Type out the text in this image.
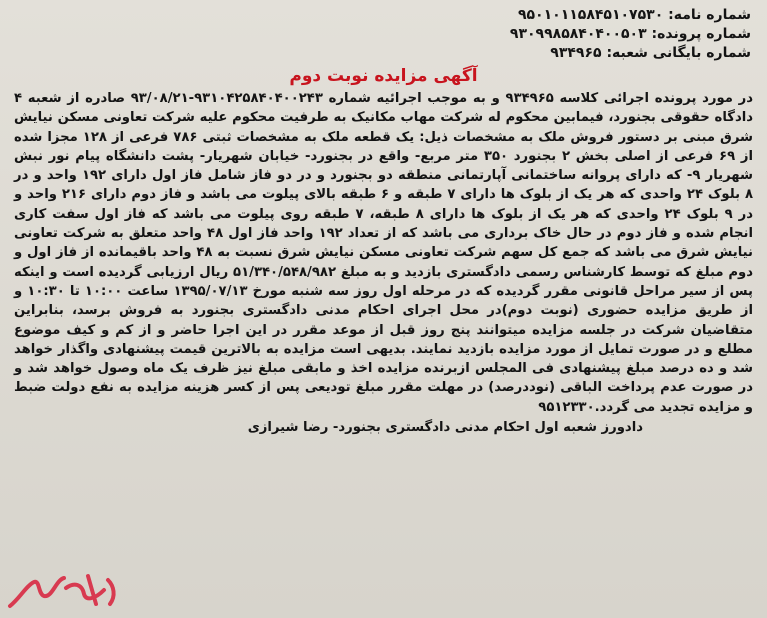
شماره نامه: ۹۵۰۱۰۱۱۵۸۴۵۱۰۷۵۳۰
شماره پرونده: ۹۳۰۹۹۸۵۸۴۰۴۰۰۵۰۳
شماره بایگانی شعبه: ۹۳۴۹۶۵
آگهی مزایده نوبت دوم
در مورد پرونده اجرائی کلاسه ۹۳۴۹۶۵ و به موجب اجرائیه شماره ۹۳۱۰۴۲۵۸۴۰۴۰۰۲۴۳-۹۳/۰۸/۲۱ صادره از شعبه ۴ دادگاه حقوقی بجنورد، فیمابین محکوم له شرکت مهاب مکانیک به طرفیت محکوم علیه شرکت تعاونی مسکن نیایش شرق مبنی بر دستور فروش ملک به مشخصات ذیل: یک قطعه ملک به مشخصات ثبتی ۷۸۶ فرعی از ۱۲۸ مجزا شده از ۶۹ فرعی از اصلی بخش ۲ بجنورد ۳۵۰ متر مربع- واقع در بجنورد- خیابان شهریار- پشت دانشگاه پیام نور نبش شهریار ۹- که دارای پروانه ساختمانی آپارتمانی منطقه دو بجنورد و در دو فاز شامل فاز اول دارای ۱۹۲ واحد و در ۸ بلوک ۲۴ واحدی که هر یک از بلوک ها دارای ۷ طبقه و ۶ طبقه بالای پیلوت می باشد و فاز دوم دارای ۲۱۶ واحد و در ۹ بلوک ۲۴ واحدی که هر یک از بلوک ها دارای ۸ طبقه، ۷ طبقه روی پیلوت می باشد که فاز اول سفت کاری انجام شده و فاز دوم در حال خاک برداری می باشد که از تعداد ۱۹۲ واحد فاز اول ۴۸ واحد متعلق به شرکت تعاونی نیایش شرق می باشد که جمع کل سهم شرکت تعاونی مسکن نیایش شرق نسبت به ۴۸ واحد باقیمانده از فاز اول و دوم مبلغ که توسط کارشناس رسمی دادگستری بازدید و به مبلغ ۵۱/۳۴۰/۵۴۸/۹۸۲ ریال ارزیابی گردیده است و اینکه پس از سیر مراحل قانونی مقرر گردیده که در مرحله اول روز سه شنبه مورخ ۱۳۹۵/۰۷/۱۳ ساعت ۱۰:۰۰ تا ۱۰:۳۰ و از طریق مزایده حضوری (نوبت دوم)در محل اجرای احکام مدنی دادگستری بجنورد به فروش برسد، بنابراین متقاضیان شرکت در جلسه مزایده میتوانند پنج روز قبل از موعد مقرر در این اجرا حاضر و از کم و کیف موضوع مطلع و در صورت تمایل از مورد مزایده بازدید نمایند. بدیهی است مزایده به بالاترین قیمت پیشنهادی واگذار خواهد شد و ده درصد مبلغ پیشنهادی فی المجلس ازبرنده مزایده اخذ و مابقی مبلغ نیز ظرف یک ماه وصول خواهد شد و در صورت عدم پرداخت الباقی (نوددرصد) در مهلت مقرر مبلغ تودیعی پس از کسر هزینه مزایده به نفع دولت ضبط و مزایده تجدید می گردد.۹۵۱۲۳۳۰
دادورز شعبه اول احکام مدنی دادگستری بجنورد- رضا شیرازی
